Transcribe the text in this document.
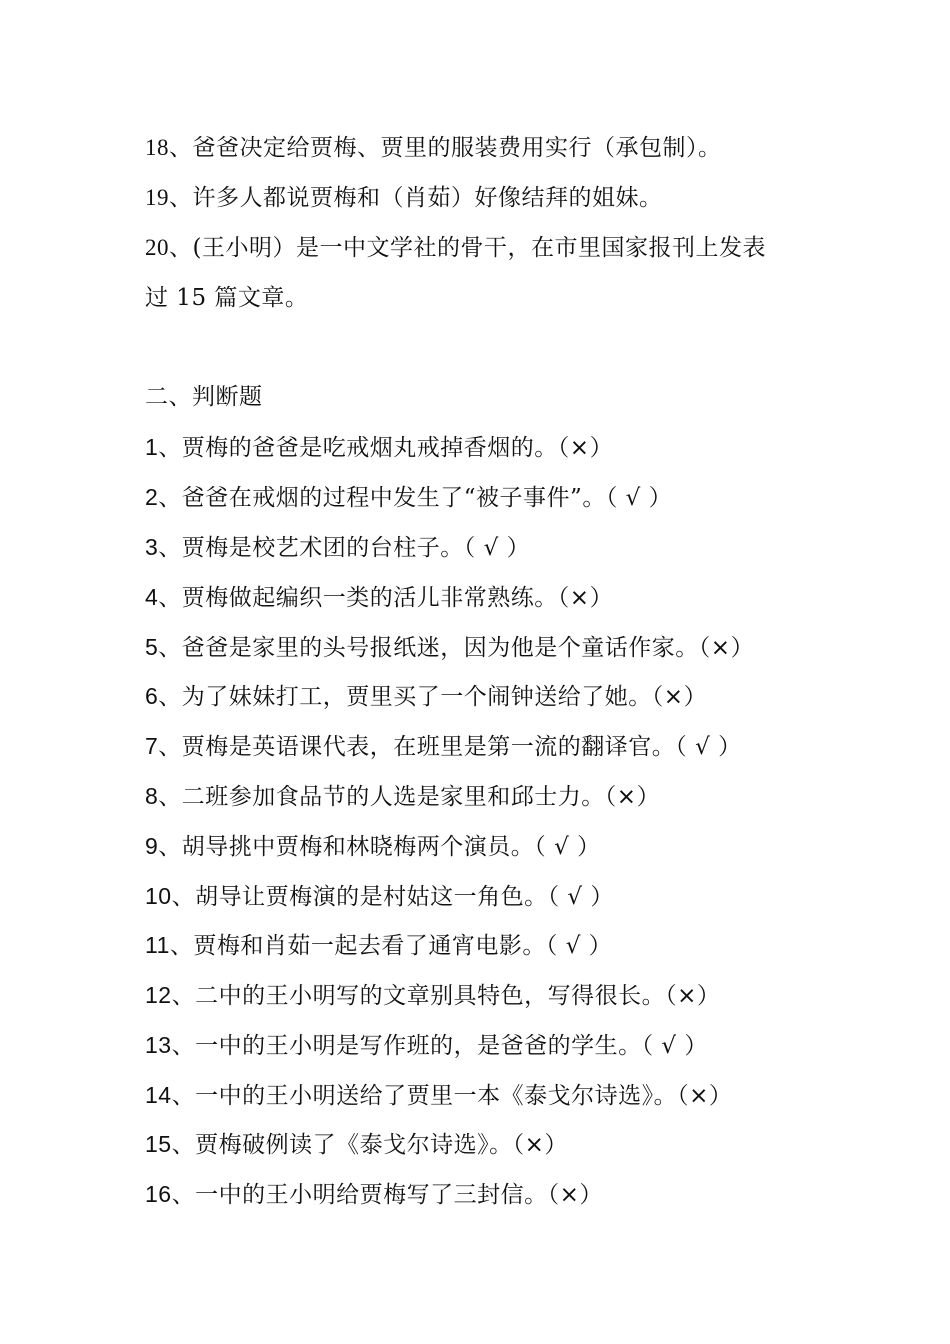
18、爸爸决定给贾梅、贾里的服装费用实行（承包制）。
19、许多人都说贾梅和（肖茹）好像结拜的姐妹。
20、(王小明）是一中文学社的骨干，在市里国家报刊上发表
过 15 篇文章。
二、判断题
1、贾梅的爸爸是吃戒烟丸戒掉香烟的。（×）
2、爸爸在戒烟的过程中发生了“被子事件”。（ √ ）
3、贾梅是校艺术团的台柱子。（ √ ）
4、贾梅做起编织一类的活儿非常熟练。（×）
5、爸爸是家里的头号报纸迷，因为他是个童话作家。（×）
6、为了妹妹打工，贾里买了一个闹钟送给了她。（×）
7、贾梅是英语课代表，在班里是第一流的翻译官。（ √ ）
8、二班参加食品节的人选是家里和邱士力。（×）
9、胡导挑中贾梅和林晓梅两个演员。（ √ ）
10、胡导让贾梅演的是村姑这一角色。（ √ ）
11、贾梅和肖茹一起去看了通宵电影。（ √ ）
12、二中的王小明写的文章别具特色，写得很长。（×）
13、一中的王小明是写作班的，是爸爸的学生。（ √ ）
14、一中的王小明送给了贾里一本《泰戈尔诗选》。（×）
15、贾梅破例读了《泰戈尔诗选》。（×）
16、一中的王小明给贾梅写了三封信。（×）
